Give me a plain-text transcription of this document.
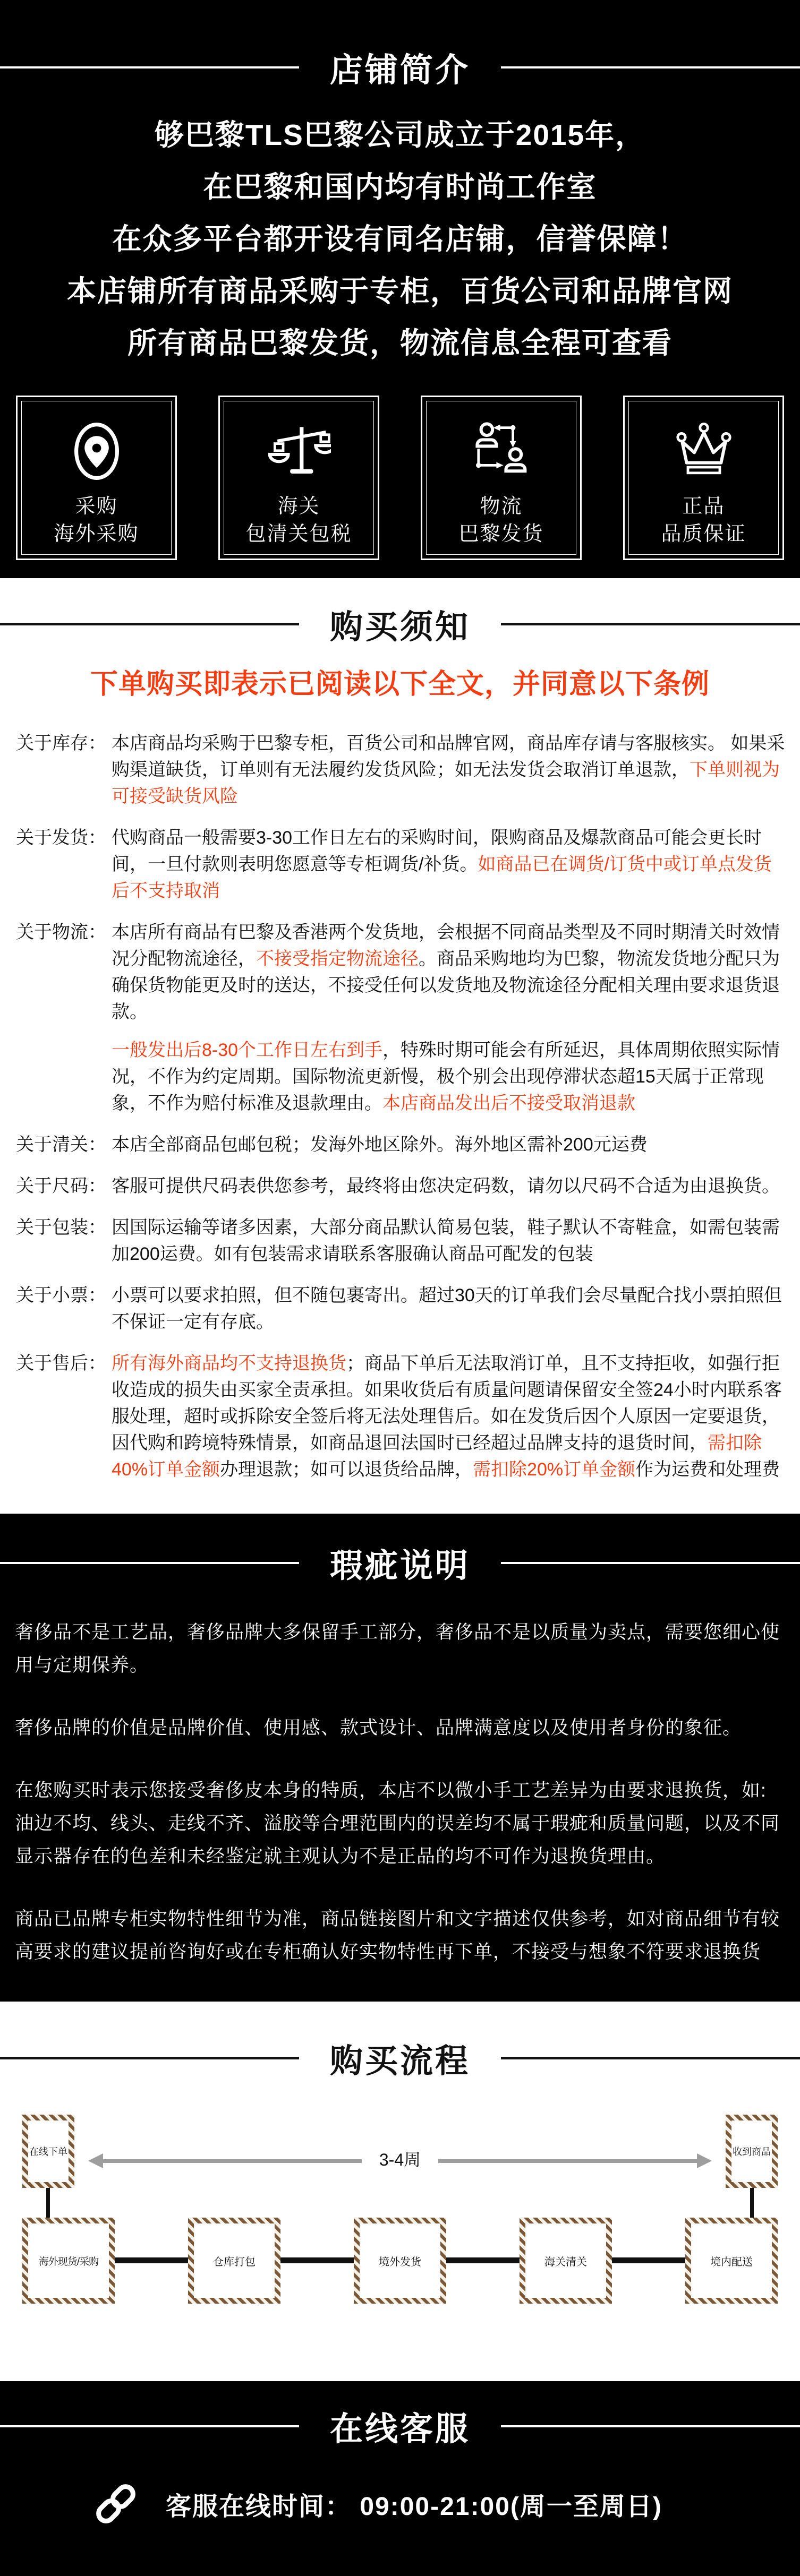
店铺简介

够巴黎TLS巴黎公司成立于2015年，

在巴黎和国内均有时尚工作室

在众多平台都开设有同名店铺，信誉保障！

本店铺所有商品采购于专柜，百货公司和品牌官网

所有商品巴黎发货，物流信息全程可查看

采购
海外采购
海关
包清关包税
物流
巴黎发货
正品
品质保证
购买须知
下单购买即表示已阅读以下全文，并同意以下条例
关于库存： 本店商品均采购于巴黎专柜，百货公司和品牌官网，商品库存请与客服核实。 如果采购渠道缺货，订单则有无法履约发货风险；如无法发货会取消订单退款，下单则视为可接受缺货风险
关于发货： 代购商品一般需要3-30工作日左右的采购时间，限购商品及爆款商品可能会更长时间，一旦付款则表明您愿意等专柜调货/补货。如商品已在调货/订货中或订单点发货后不支持取消
关于物流： 本店所有商品有巴黎及香港两个发货地，会根据不同商品类型及不同时期清关时效情况分配物流途径，不接受指定物流途径。商品采购地均为巴黎，物流发货地分配只为确保货物能更及时的送达，不接受任何以发货地及物流途径分配相关理由要求退货退款。
一般发出后8-30个工作日左右到手，特殊时期可能会有所延迟，具体周期依照实际情况，不作为约定周期。国际物流更新慢，极个别会出现停滞状态超15天属于正常现象，不作为赔付标准及退款理由。本店商品发出后不接受取消退款
关于清关： 本店全部商品包邮包税；发海外地区除外。海外地区需补200元运费
关于尺码： 客服可提供尺码表供您参考，最终将由您决定码数，请勿以尺码不合适为由退换货。
关于包装： 因国际运输等诸多因素，大部分商品默认简易包装，鞋子默认不寄鞋盒，如需包装需加200运费。如有包装需求请联系客服确认商品可配发的包装
关于小票： 小票可以要求拍照，但不随包裹寄出。超过30天的订单我们会尽量配合找小票拍照但不保证一定有存底。
关于售后： 所有海外商品均不支持退换货；商品下单后无法取消订单，且不支持拒收，如强行拒收造成的损失由买家全责承担。如果收货后有质量问题请保留安全签24小时内联系客服处理，超时或拆除安全签后将无法处理售后。如在发货后因个人原因一定要退货，因代购和跨境特殊情景，如商品退回法国时已经超过品牌支持的退货时间，需扣除40%订单金额办理退款；如可以退货给品牌，需扣除20%订单金额作为运费和处理费
瑕疵说明

奢侈品不是工艺品，奢侈品牌大多保留手工部分，奢侈品不是以质量为卖点，需要您细心使用与定期保养。

奢侈品牌的价值是品牌价值、使用感、款式设计、品牌满意度以及使用者身份的象征。

在您购买时表示您接受奢侈皮本身的特质，本店不以微小手工艺差异为由要求退换货，如:油边不均、线头、走线不齐、溢胶等合理范围内的误差均不属于瑕疵和质量问题，以及不同显示器存在的色差和未经鉴定就主观认为不是正品的均不可作为退换货理由。

商品已品牌专柜实物特性细节为准，商品链接图片和文字描述仅供参考，如对商品细节有较高要求的建议提前咨询好或在专柜确认好实物特性再下单，不接受与想象不符要求退换货

购买流程
在线下单	收到商品
3-4周
海外现货/采购	仓库打包	境外发货	海关清关	境内配送
在线客服
客服在线时间： 09:00-21:00(周一至周日)
